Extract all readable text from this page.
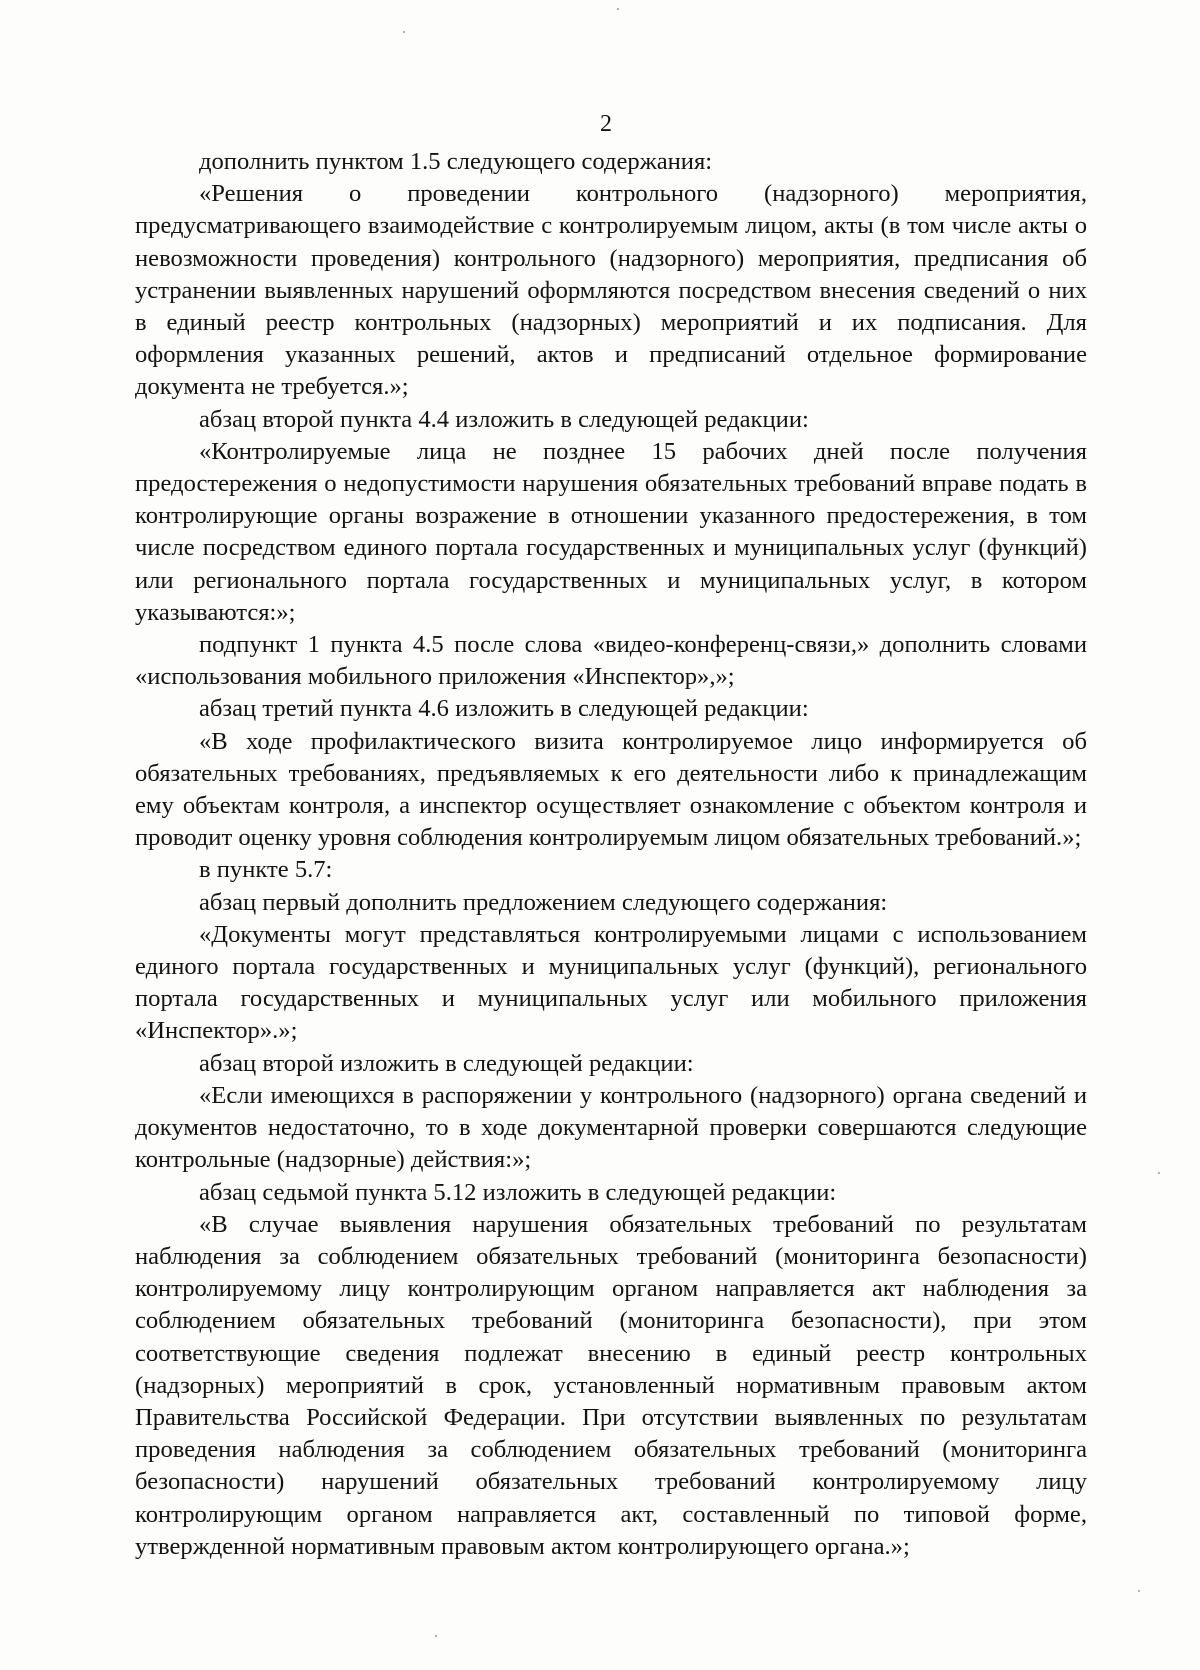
2

дополнить пунктом 1.5 следующего содержания:

«Решения о проведении контрольного (надзорного) мероприятия, предусматривающего взаимодействие с контролируемым лицом, акты (в том числе акты о невозможности проведения) контрольного (надзорного) мероприятия, предписания об устранении выявленных нарушений оформляются посредством внесения сведений о них в единый реестр контрольных (надзорных) мероприятий и их подписания. Для оформления указанных решений, актов и предписаний отдельное формирование документа не требуется.»;

абзац второй пункта 4.4 изложить в следующей редакции:

«Контролируемые лица не позднее 15 рабочих дней после получения предостережения о недопустимости нарушения обязательных требований вправе подать в контролирующие органы возражение в отношении указанного предостережения, в том числе посредством единого портала государственных и муниципальных услуг (функций) или регионального портала государственных и муниципальных услуг, в котором указываются:»;

подпункт 1 пункта 4.5 после слова «видео-конференц-связи,» дополнить словами «использования мобильного приложения «Инспектор»,»;

абзац третий пункта 4.6 изложить в следующей редакции:

«В ходе профилактического визита контролируемое лицо информируется об обязательных требованиях, предъявляемых к его деятельности либо к принадлежащим ему объектам контроля, а инспектор осуществляет ознакомление с объектом контроля и проводит оценку уровня соблюдения контролируемым лицом обязательных требований.»;

в пункте 5.7:

абзац первый дополнить предложением следующего содержания:

«Документы могут представляться контролируемыми лицами с использованием единого портала государственных и муниципальных услуг (функций), регионального портала государственных и муниципальных услуг или мобильного приложения «Инспектор».»;

абзац второй изложить в следующей редакции:

«Если имеющихся в распоряжении у контрольного (надзорного) органа сведений и документов недостаточно, то в ходе документарной проверки совершаются следующие контрольные (надзорные) действия:»;

абзац седьмой пункта 5.12 изложить в следующей редакции:

«В случае выявления нарушения обязательных требований по результатам наблюдения за соблюдением обязательных требований (мониторинга безопасности) контролируемому лицу контролирующим органом направляется акт наблюдения за соблюдением обязательных требований (мониторинга безопасности), при этом соответствующие сведения подлежат внесению в единый реестр контрольных (надзорных) мероприятий в срок, установленный нормативным правовым актом Правительства Российской Федерации. При отсутствии выявленных по результатам проведения наблюдения за соблюдением обязательных требований (мониторинга безопасности) нарушений обязательных требований контролируемому лицу контролирующим органом направляется акт, составленный по типовой форме, утвержденной нормативным правовым актом контролирующего органа.»;
